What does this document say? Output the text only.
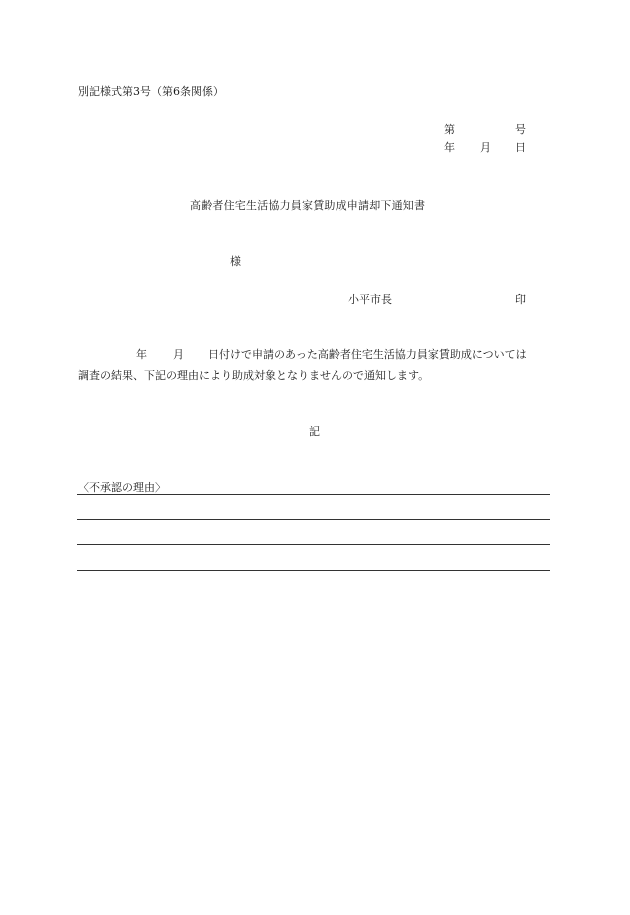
別記様式第3号（第6条関係）
第	号
年 月 日
高齢者住宅生活協力員家賃助成申請却下通知書
様
小平市長	印
年 月 日付けで申請のあった高齢者住宅生活協力員家賃助成については
調査の結果、下記の理由により助成対象となりませんので通知します。
記
〈不承認の理由〉
